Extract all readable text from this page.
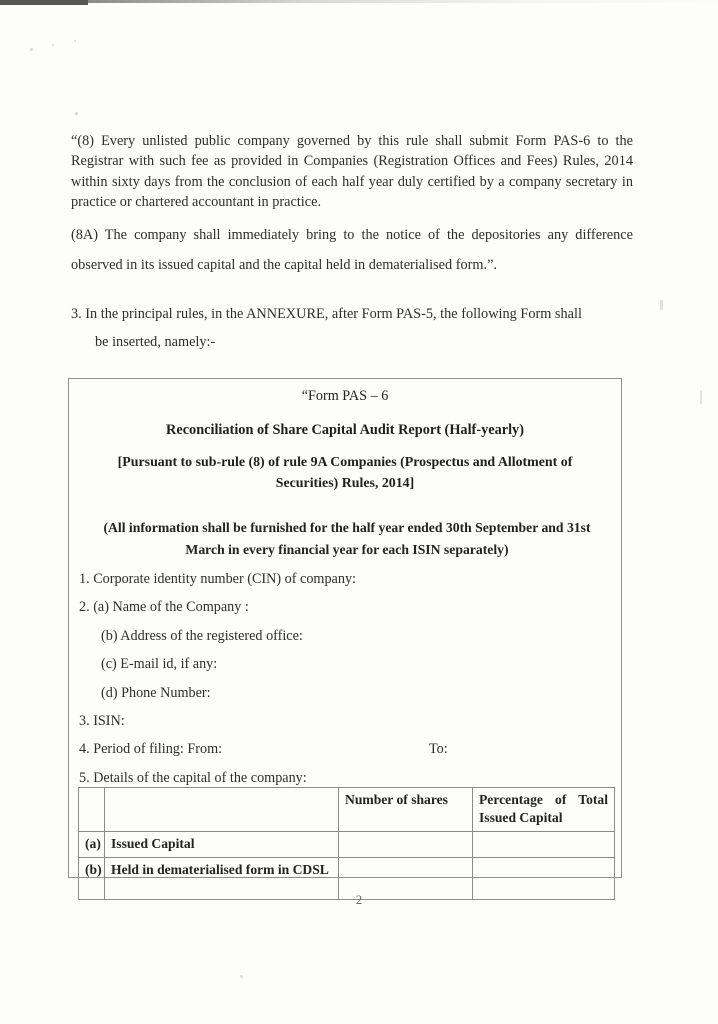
“(8) Every unlisted public company governed by this rule shall submit Form PAS-6 to the Registrar with such fee as provided in Companies (Registration Offices and Fees) Rules, 2014 within sixty days from the conclusion of each half year duly certified by a company secretary in practice or chartered accountant in practice.

(8A) The company shall immediately bring to the notice of the depositories any difference observed in its issued capital and the capital held in dematerialised form.”.

3. In the principal rules, in the ANNEXURE, after Form PAS-5, the following Form shall
be inserted, namely:-

“Form PAS – 6
Reconciliation of Share Capital Audit Report (Half-yearly)
[Pursuant to sub-rule (8) of rule 9A Companies (Prospectus and Allotment of Securities) Rules, 2014]
(All information shall be furnished for the half year ended 30th September and 31st March in every financial year for each ISIN separately)
1. Corporate identity number (CIN) of company:
2. (a) Name of the Company :
(b) Address of the registered office:
(c) E-mail id, if any:
(d) Phone Number:
3. ISIN:
4. Period of filing: From:	To:
5. Details of the capital of the company:
		Number of shares	Percentage of Total Issued Capital
(a)	Issued Capital		
(b)	Held in dematerialised form in CDSL		
2
